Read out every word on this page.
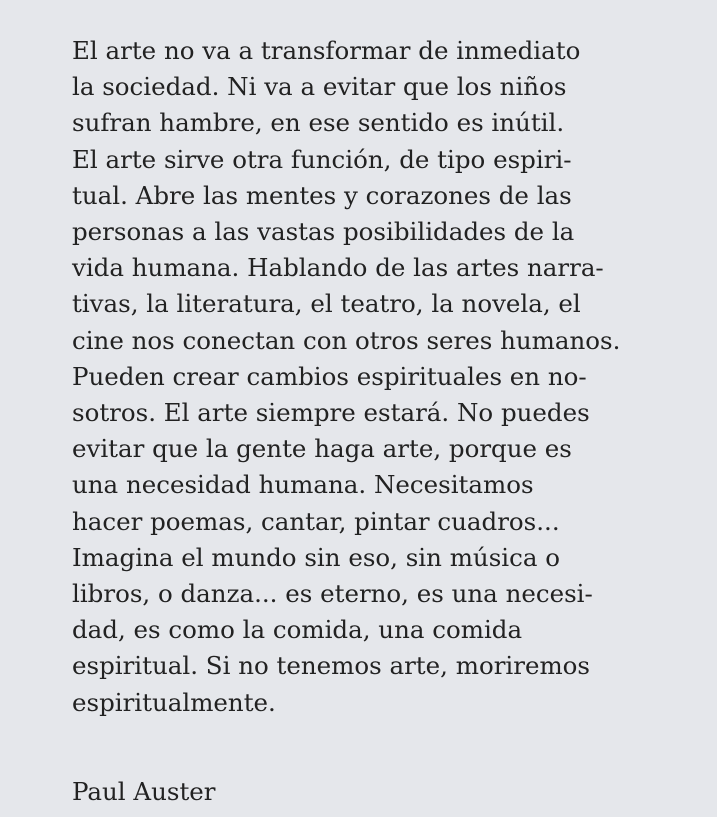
El arte no va a transformar de inmediato
la sociedad. Ni va a evitar que los niños
sufran hambre, en ese sentido es inútil.
El arte sirve otra función, de tipo espiri-
tual. Abre las mentes y corazones de las
personas a las vastas posibilidades de la
vida humana. Hablando de las artes narra-
tivas, la literatura, el teatro, la novela, el
cine nos conectan con otros seres humanos.
Pueden crear cambios espirituales en no-
sotros. El arte siempre estará. No puedes
evitar que la gente haga arte, porque es
una necesidad humana. Necesitamos
hacer poemas, cantar, pintar cuadros...
Imagina el mundo sin eso, sin música o
libros, o danza... es eterno, es una necesi-
dad, es como la comida, una comida
espiritual. Si no tenemos arte, moriremos
espiritualmente.

Paul Auster
